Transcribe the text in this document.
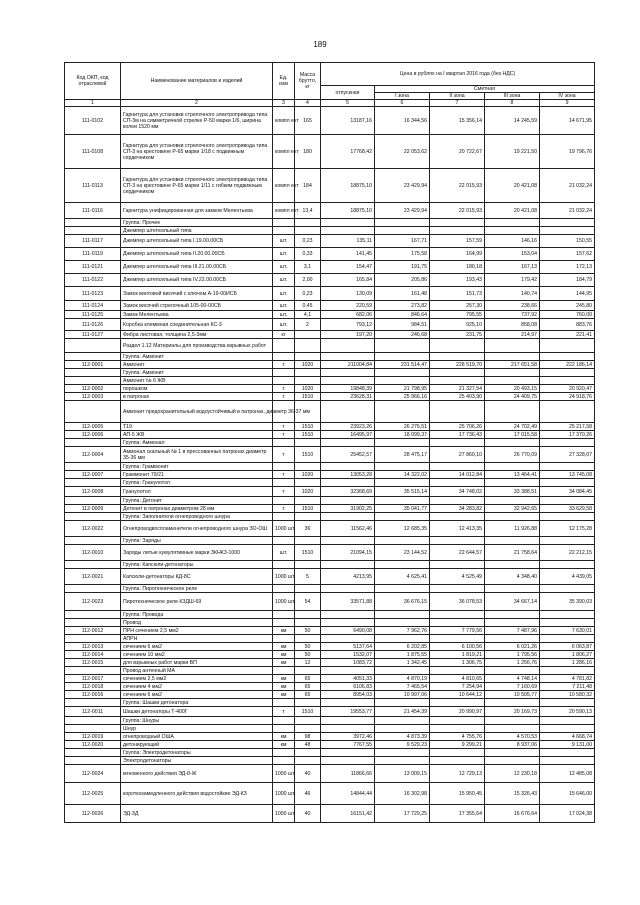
189
Код ОКП, код отраслевой	Наименование материалов и изделий	Ед. изм	Масса брутто, кг	Цена в рублях на I квартал 2016 года (без НДС)				
				отпускная	Сметная			
					I зона	II зона	III зона	IV зона
1	2	3	4	5	6	7	8	9
111-0102	Гарнитура для установки стрелочного электропривода типа СП-3м на симметричной стрелке Р-50 марки 1/6, ширина колеи 1520 мм	компл ект	165	13187,16	16 344,56	15 356,14	14 245,59	14 671,95
111-0108	Гарнитура для установки стрелочного электропривода типа СП-3 на крестовине Р-65 марки 1/18 с подвижным сердечником	компл ект	180	17768,42	22 053,62	20 722,67	19 221,50	19 796,76
111-0113	Гарнитура для установки стрелочного электропривода типа СП-3 на крестовине Р-65 марки 1/11 с гибким подвижным сердечником	компл ект	184	18875,10	23 429,94	22 015,93	20 421,08	21 032,24
111-0116	Гарнитура унифицированная для замков Мелентьева	компл ект	13,4	18875,10	23 429,94	22 015,93	20 421,08	21 032,24
	Группа: Прочее							
	Джемпер штепсельный типа							
111-0117	Джемпер штепсельный типа I.19.00.00СБ	шт.	0,23	135,11	167,71	157,59	146,16	150,55
111-0119	Джемпер штепсельный типа II.20.00.00СБ	шт.	0,33	141,45	175,58	164,99	153,04	157,62
111-0121	Джемпер штепсельный типа III.21.00.00СБ	шт.	3,1	154,47	191,75	180,18	167,13	172,13
111-0122	Джемпер штепсельный типа IV.22.00.00СБ	шт.	2,00	165,84	205,86	193,43	179,42	184,79
111-0123	Замок винтовой висячий с ключом А-19-00ИСБ	шт.	0,23	130,09	161,48	151,73	140,74	144,95
111-0124	Замок висячий стрелочный 105-00-00СБ	шт.	0,45	220,59	273,82	257,30	238,66	245,80
111-0125	Замок Мелентьева	шт.	4,1	682,06	846,64	795,55	737,92	760,00
111-0126	Коробка клеммная соединительная КС-3	шт.	2	793,12	984,51	925,10	858,08	883,76
111-0127	Фибра листовая, толщина 2,5-3мм	кг		197,20	246,68	231,75	214,97	221,41
	Раздел 1.12 Материалы для производства взрывных работ							
	Группа: Аммонит							
112-0001	Аммонит	т	1020	211004,84	231 514,47	228 519,70	217 651,58	222 186,14
	Группа: Аммонит							
	Аммонит № 6 ЖВ							
112-0002	порошком	т	1020	19848,39	21 798,95	21 327,54	20 493,15	20 920,47
112-0003	в патронах	т	1510	23628,31	25 966,16	25 403,90	24 409,75	24 918,76
	Аммонит предохранительный водоустойчивый в патронах, диаметр 36-37 мм							
112-0005	Т19	т	1510	23923,26	26 276,51	25 706,26	24 702,49	25 217,58
112-0006	АП-5 ЖВ	т	1510	16495,97	18 099,37	17 736,43	17 015,58	17 370,26
	Группа: Аммонал							
112-0004	Аммонал скальный № 1 в прессованных патронах диаметр 35-36 мм	т	1510	25452,57	28 475,17	27 860,10	26 770,09	27 328,07
	Группа: Граммонит							
112-0007	Граммонит 79/21	т	1020	13053,28	14 322,02	14 012,84	13 464,41	13 745,08
	Группа: Гранулотол							
112-0008	Гранулотол	т	1020	32368,69	35 515,14	34 748,02	33 388,51	34 084,45
	Группа: Детонит							
112-0009	Детонит в патронах диаметром 28 мм	т	1510	31902,25	35 041,77	34 283,82	32 942,65	33 629,58
	Группа: Заполнители огнепроводного шнура							
112-0022	Огнепроводвоспламенители огнепроводного шнура ЗО-ОШ	1000 шт.	36	11562,46	12 685,35	12 413,35	11 926,88	12 175,28
	Группа: Заряды							
112-0010	Заряды литые кумулятивные марки ЗКНК3-1000	шт.	1510	21094,15	23 144,52	22 644,57	21 758,64	22 212,15
	Группа: Капсюли-детонаторы							
112-0021	Капсюли-детонаторы КД-8С	1000 шт.	5	4213,95	4 625,41	4 525,49	4 348,40	4 439,05
	Группа: Пиротехническое реле							
112-0023	Пиротехническое реле КЗДШ-69	1000 шт.	54	33571,88	36 676,15	36 078,53	34 667,14	35 390,03
	Группа: Провода							
	Провод							
112-0012	ПРН сечением 2,5 мм2	км	50	6490,08	7 962,76	7 779,56	7 487,96	7 630,01
	АПРН							
112-0013	сечением 6 мм2	км	50	5137,64	6 202,85	6 100,56	6 021,26	6 063,87
112-0014	сечением 10 мм2	км	50	1532,07	1 875,55	1 819,21	1 795,56	1 806,27
112-0015	для взрывных работ марки ВП	км	12	1083,72	1 342,45	1 306,75	1 256,76	1 286,16
	Провод антенный МА							
112-0017	сечением 2,5 мм2	км	65	4051,33	4 870,19	4 810,65	4 748,14	4 781,82
112-0018	сечением 4 мм2	км	65	6106,83	7 465,54	7 254,94	7 160,69	7 211,48
112-0016	сечением 6 мм2	км	65	8954,03	10 997,06	10 644,12	10 505,77	10 580,32
	Группа: Шашки детонатора							
112-0011	Шашки детонаторы Т-400Г	т	1510	19553,77	21 454,39	20 990,97	20 169,73	20 590,13
	Группа: Шнуры							
	Шнур							
112-0019	огнепроводный ОША	км	98	3972,46	4 873,39	4 755,76	4 570,53	4 668,74
112-0020	детонирующий	км	48	7767,55	9 529,23	9 299,21	8 937,06	9 131,00
	Группа: Электродетонаторы							
	Электродетонаторы							
112-0024	мгновенного действия ЭД-8-Ж	1000 шт.	40	11866,66	13 009,15	12 729,13	12 230,18	12 485,08
112-0025	короткозамедленного действия водостойкие ЭД-КЗ	1000 шт.	46	14844,44	16 302,98	15 950,45	15 326,43	15 646,00
112-0026	ЭД-ЗД	1000 шт.	40	16151,42	17 729,25	17 355,64	16 676,64	17 024,38
